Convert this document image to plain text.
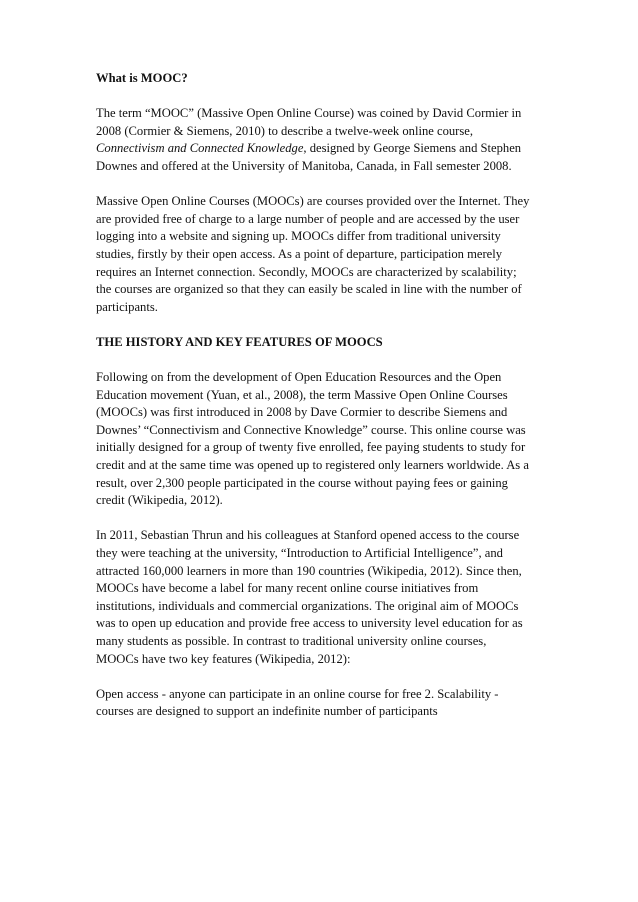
What is MOOC?

The term “MOOC” (Massive Open Online Course) was coined by David Cormier in
2008 (Cormier & Siemens, 2010) to describe a twelve-week online course,
Connectivism and Connected Knowledge, designed by George Siemens and Stephen
Downes and offered at the University of Manitoba, Canada, in Fall semester 2008.

Massive Open Online Courses (MOOCs) are courses provided over the Internet. They
are provided free of charge to a large number of people and are accessed by the user
logging into a website and signing up. MOOCs differ from traditional university
studies, firstly by their open access. As a point of departure, participation merely
requires an Internet connection. Secondly, MOOCs are characterized by scalability;
the courses are organized so that they can easily be scaled in line with the number of
participants.

THE HISTORY AND KEY FEATURES OF MOOCS

Following on from the development of Open Education Resources and the Open
Education movement (Yuan, et al., 2008), the term Massive Open Online Courses
(MOOCs) was first introduced in 2008 by Dave Cormier to describe Siemens and
Downes’ “Connectivism and Connective Knowledge” course. This online course was
initially designed for a group of twenty five enrolled, fee paying students to study for
credit and at the same time was opened up to registered only learners worldwide. As a
result, over 2,300 people participated in the course without paying fees or gaining
credit (Wikipedia, 2012).

In 2011, Sebastian Thrun and his colleagues at Stanford opened access to the course
they were teaching at the university, “Introduction to Artificial Intelligence”, and
attracted 160,000 learners in more than 190 countries (Wikipedia, 2012). Since then,
MOOCs have become a label for many recent online course initiatives from
institutions, individuals and commercial organizations. The original aim of MOOCs
was to open up education and provide free access to university level education for as
many students as possible. In contrast to traditional university online courses,
MOOCs have two key features (Wikipedia, 2012):

Open access - anyone can participate in an online course for free 2. Scalability -
courses are designed to support an indefinite number of participants
